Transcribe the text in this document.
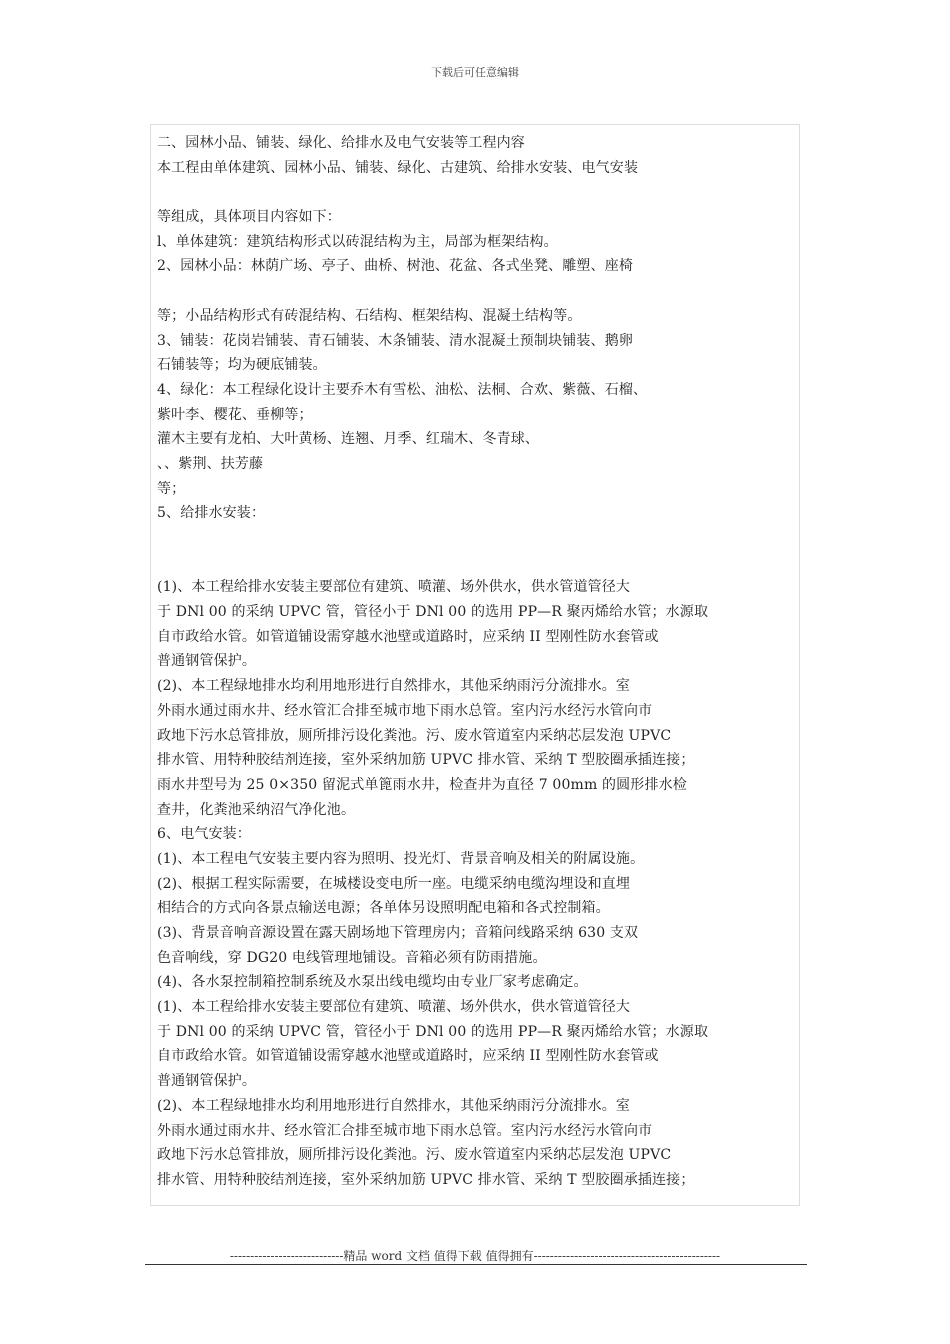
下载后可任意编辑
二、园林小品、铺装、绿化、给排水及电气安装等工程内容
本工程由单体建筑、园林小品、铺装、绿化、古建筑、给排水安装、电气安装
等组成，具体项目内容如下：
l、单体建筑：建筑结构形式以砖混结构为主，局部为框架结构。
2、园林小品：林荫广场、亭子、曲桥、树池、花盆、各式坐凳、雕塑、座椅
等；小品结构形式有砖混结构、石结构、框架结构、混凝土结构等。
3、铺装：花岗岩铺装、青石铺装、木条铺装、清水混凝土预制块铺装、鹅卵
石铺装等；均为硬底铺装。
4、绿化：本工程绿化设计主要乔木有雪松、油松、法桐、合欢、紫薇、石榴、
紫叶李、樱花、垂柳等；
灌木主要有龙柏、大叶黄杨、连翘、月季、红瑞木、冬青球、
、、紫荆、扶芳藤
等；
5、给排水安装：
(1)、本工程给排水安装主要部位有建筑、喷灌、场外供水，供水管道管径大
于 DNl 00 的采纳 UPVC 管，管径小于 DNl 00 的选用 PP—R 聚丙烯给水管；水源取
自市政给水管。如管道铺设需穿越水池壁或道路时，应采纳 II 型刚性防水套管或
普通钢管保护。
(2)、本工程绿地排水均利用地形进行自然排水，其他采纳雨污分流排水。室
外雨水通过雨水井、经水管汇合排至城市地下雨水总管。室内污水经污水管向市
政地下污水总管排放，厕所排污设化粪池。污、废水管道室内采纳芯层发泡 UPVC
排水管、用特种胶结剂连接，室外采纳加筋 UPVC 排水管、采纳 T 型胶圈承插连接；
雨水井型号为 25 0×350 留泥式单篦雨水井，检查井为直径 7 00mm 的圆形排水检
查井，化粪池采纳沼气净化池。
6、电气安装：
(1)、本工程电气安装主要内容为照明、投光灯、背景音响及相关的附属设施。
(2)、根据工程实际需要，在城楼设变电所一座。电缆采纳电缆沟埋设和直埋
相结合的方式向各景点输送电源；各单体另设照明配电箱和各式控制箱。
(3)、背景音响音源设置在露天剧场地下管理房内；音箱问线路采纳 630 支双
色音响线，穿 DG20 电线管理地铺设。音箱必须有防雨措施。
(4)、各水泵控制箱控制系统及水泵出线电缆均由专业厂家考虑确定。
(1)、本工程给排水安装主要部位有建筑、喷灌、场外供水，供水管道管径大
于 DNl 00 的采纳 UPVC 管，管径小于 DNl 00 的选用 PP—R 聚丙烯给水管；水源取
自市政给水管。如管道铺设需穿越水池壁或道路时，应采纳 II 型刚性防水套管或
普通钢管保护。
(2)、本工程绿地排水均利用地形进行自然排水，其他采纳雨污分流排水。室
外雨水通过雨水井、经水管汇合排至城市地下雨水总管。室内污水经污水管向市
政地下污水总管排放，厕所排污设化粪池。污、废水管道室内采纳芯层发泡 UPVC
排水管、用特种胶结剂连接，室外采纳加筋 UPVC 排水管、采纳 T 型胶圈承插连接；
----------------------------精品 word 文档 值得下载 值得拥有----------------------------------------------
